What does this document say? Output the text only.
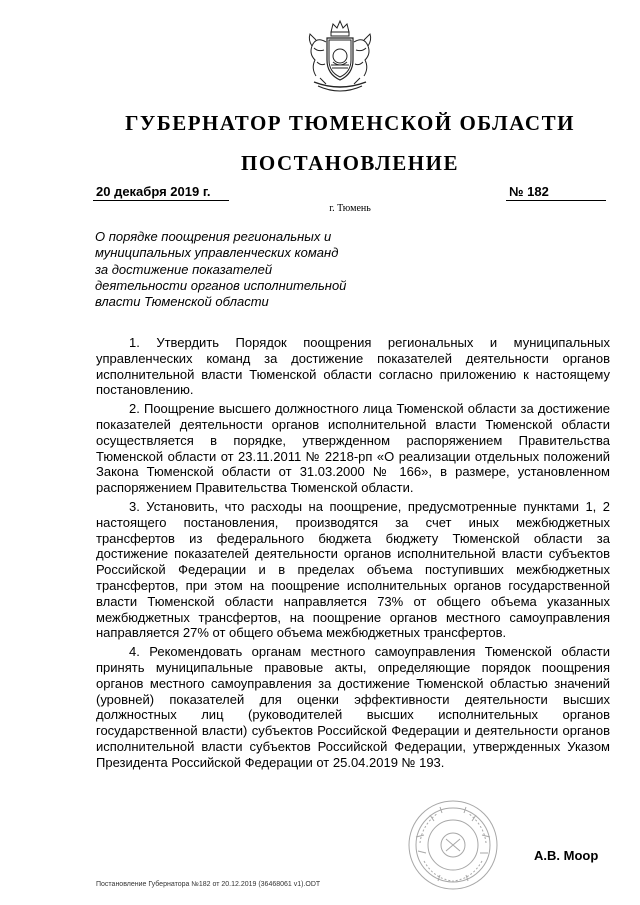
ГУБЕРНАТОР ТЮМЕНСКОЙ ОБЛАСТИ
ПОСТАНОВЛЕНИЕ
20 декабря 2019 г.	№ 182
г. Тюмень
О порядке поощрения региональных и
муниципальных управленческих команд
за достижение показателей
деятельности органов исполнительной
власти Тюменской области

1. Утвердить Порядок поощрения региональных и муниципальных управленческих команд за достижение показателей деятельности органов исполнительной власти Тюменской области согласно приложению к настоящему постановлению.

2. Поощрение высшего должностного лица Тюменской области за достижение показателей деятельности органов исполнительной власти Тюменской области осуществляется в порядке, утвержденном распоряжением Правительства Тюменской области от 23.11.2011 № 2218-рп «О реализации отдельных положений Закона Тюменской области от 31.03.2000 № 166», в размере, установленном распоряжением Правительства Тюменской области.

3. Установить, что расходы на поощрение, предусмотренные пунктами 1, 2 настоящего постановления, производятся за счет иных межбюджетных трансфертов из федерального бюджета бюджету Тюменской области за достижение показателей деятельности органов исполнительной власти субъектов Российской Федерации и в пределах объема поступивших межбюджетных трансфертов, при этом на поощрение исполнительных органов государственной власти Тюменской области направляется 73% от общего объема указанных межбюджетных трансфертов, на поощрение органов местного самоуправления направляется 27% от общего объема межбюджетных трансфертов.

4. Рекомендовать органам местного самоуправления Тюменской области принять муниципальные правовые акты, определяющие порядок поощрения органов местного самоуправления за достижение Тюменской областью значений (уровней) показателей для оценки эффективности деятельности высших должностных лиц (руководителей высших исполнительных органов государственной власти) субъектов Российской Федерации и деятельности органов исполнительной власти субъектов Российской Федерации, утвержденных Указом Президента Российской Федерации от 25.04.2019 № 193.

А.В. Моор
Постановление Губернатора №182 от 20.12.2019 (36468061 v1).ODT
